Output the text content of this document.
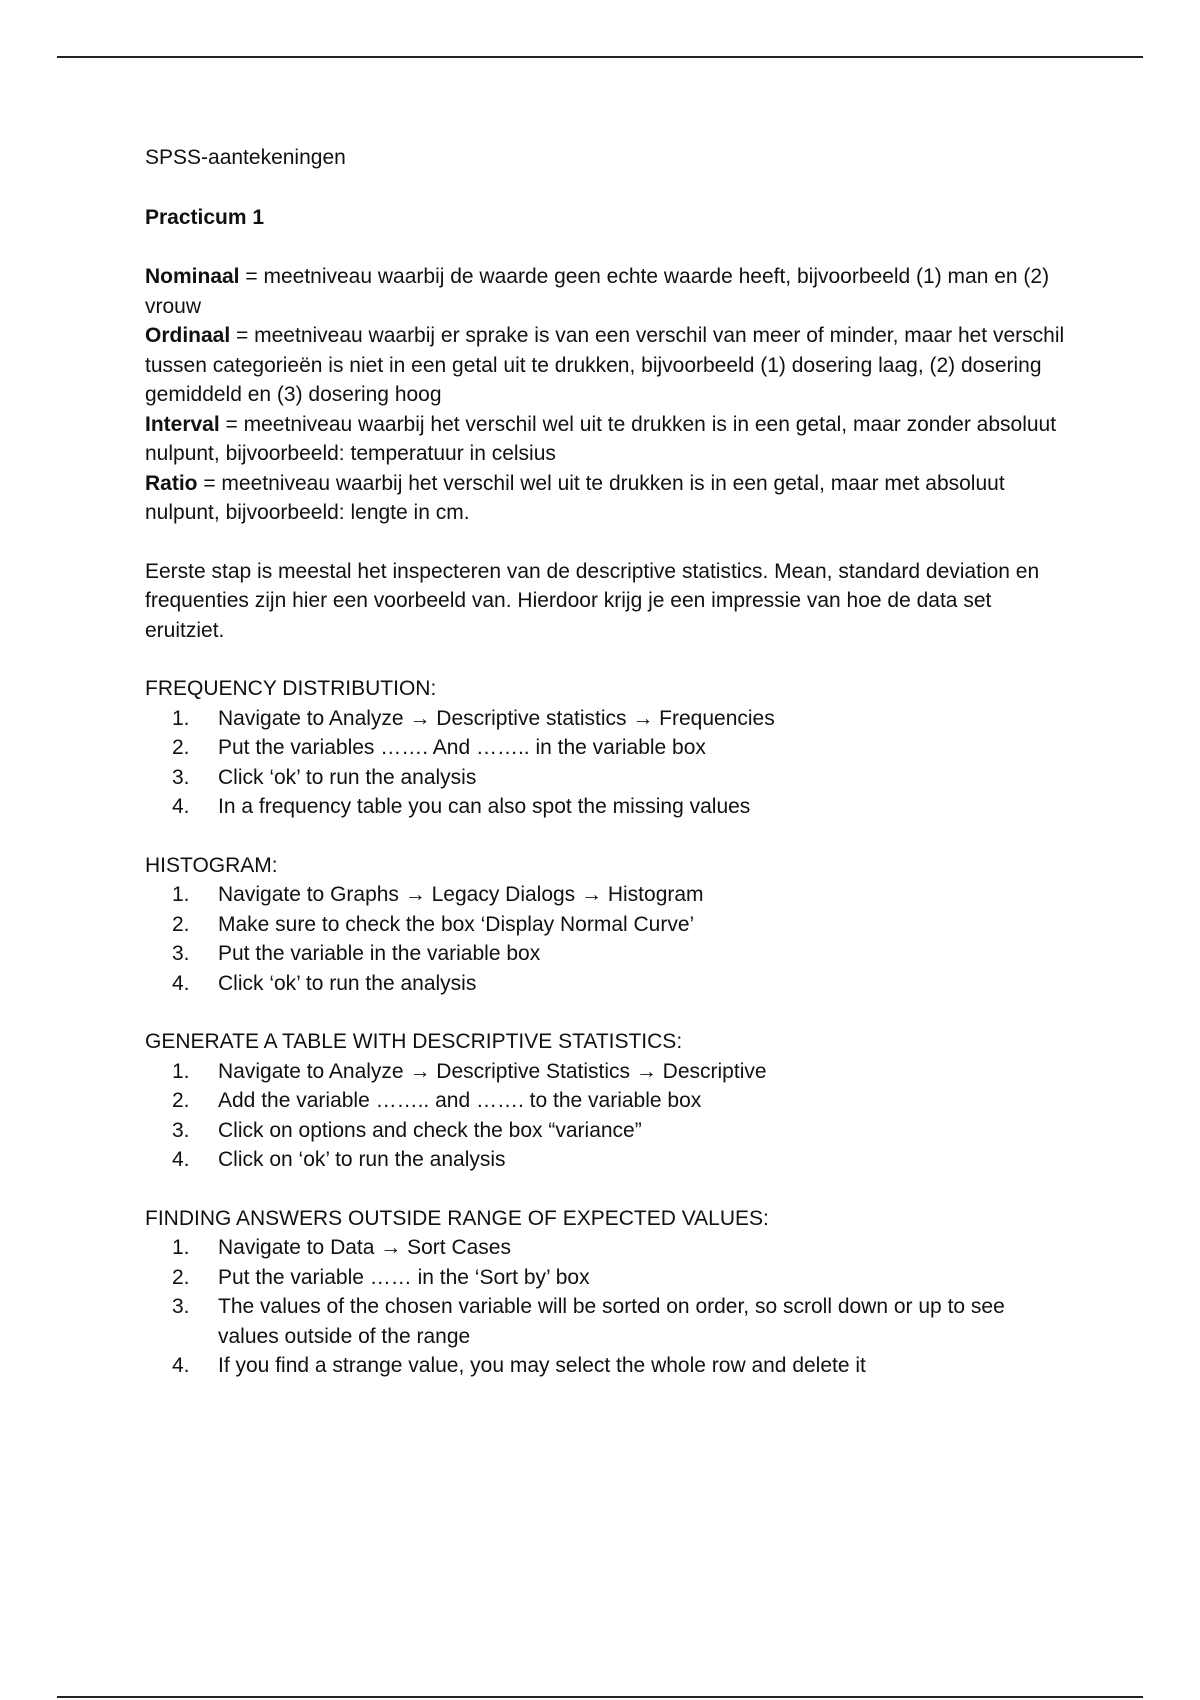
SPSS-aantekeningen

Practicum 1

Nominaal = meetniveau waarbij de waarde geen echte waarde heeft, bijvoorbeeld (1) man en (2) vrouw

Ordinaal = meetniveau waarbij er sprake is van een verschil van meer of minder, maar het verschil tussen categorieën is niet in een getal uit te drukken, bijvoorbeeld (1) dosering laag, (2) dosering gemiddeld en (3) dosering hoog

Interval = meetniveau waarbij het verschil wel uit te drukken is in een getal, maar zonder absoluut nulpunt, bijvoorbeeld: temperatuur in celsius

Ratio = meetniveau waarbij het verschil wel uit te drukken is in een getal, maar met absoluut nulpunt, bijvoorbeeld: lengte in cm.

Eerste stap is meestal het inspecteren van de descriptive statistics. Mean, standard deviation en frequenties zijn hier een voorbeeld van. Hierdoor krijg je een impressie van hoe de data set eruitziet.

FREQUENCY DISTRIBUTION:

1.	Navigate to Analyze → Descriptive statistics → Frequencies
2.	Put the variables ……. And …….. in the variable box
3.	Click ‘ok’ to run the analysis
4.	In a frequency table you can also spot the missing values

HISTOGRAM:

1.	Navigate to Graphs → Legacy Dialogs → Histogram
2.	Make sure to check the box ‘Display Normal Curve’
3.	Put the variable in the variable box
4.	Click ‘ok’ to run the analysis

GENERATE A TABLE WITH DESCRIPTIVE STATISTICS:

1.	Navigate to Analyze → Descriptive Statistics → Descriptive
2.	Add the variable …….. and ……. to the variable box
3.	Click on options and check the box “variance”
4.	Click on ‘ok’ to run the analysis

FINDING ANSWERS OUTSIDE RANGE OF EXPECTED VALUES:

1.	Navigate to Data → Sort Cases
2.	Put the variable …… in the ‘Sort by’ box
3.	The values of the chosen variable will be sorted on order, so scroll down or up to see values outside of the range
4.	If you find a strange value, you may select the whole row and delete it
